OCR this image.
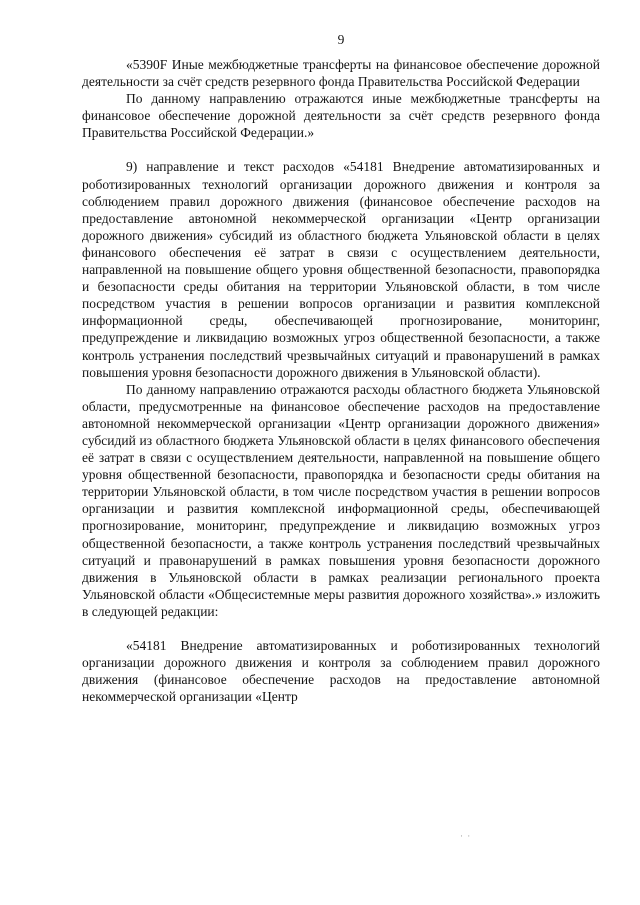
9

«5390F Иные межбюджетные трансферты на финансовое обеспечение дорожной деятельности за счёт средств резервного фонда Правительства Российской Федерации

По данному направлению отражаются иные межбюджетные трансферты на финансовое обеспечение дорожной деятельности за счёт средств резервного фонда Правительства Российской Федерации.»

9) направление и текст расходов «54181 Внедрение автоматизированных и роботизированных технологий организации дорожного движения и контроля за соблюдением правил дорожного движения (финансовое обеспечение расходов на предоставление автономной некоммерческой организации «Центр организации дорожного движения» субсидий из областного бюджета Ульяновской области в целях финансового обеспечения её затрат в связи с осуществлением деятельности, направленной на повышение общего уровня общественной безопасности, правопорядка и безопасности среды обитания на территории Ульяновской области, в том числе посредством участия в решении вопросов организации и развития комплексной информационной среды, обеспечивающей прогнозирование, мониторинг, предупреждение и ликвидацию возможных угроз общественной безопасности, а также контроль устранения последствий чрезвычайных ситуаций и правонарушений в рамках повышения уровня безопасности дорожного движения в Ульяновской области).

По данному направлению отражаются расходы областного бюджета Ульяновской области, предусмотренные на финансовое обеспечение расходов на предоставление автономной некоммерческой организации «Центр организации дорожного движения» субсидий из областного бюджета Ульяновской области в целях финансового обеспечения её затрат в связи с осуществлением деятельности, направленной на повышение общего уровня общественной безопасности, правопорядка и безопасности среды обитания на территории Ульяновской области, в том числе посредством участия в решении вопросов организации и развития комплексной информационной среды, обеспечивающей прогнозирование, мониторинг, предупреждение и ликвидацию возможных угроз общественной безопасности, а также контроль устранения последствий чрезвычайных ситуаций и правонарушений в рамках повышения уровня безопасности дорожного движения в Ульяновской области в рамках реализации регионального проекта Ульяновской области «Общесистемные меры развития дорожного хозяйства».» изложить в следующей редакции:

«54181 Внедрение автоматизированных и роботизированных технологий организации дорожного движения и контроля за соблюдением правил дорожного движения (финансовое обеспечение расходов на предоставление автономной некоммерческой организации «Центр

· ·
